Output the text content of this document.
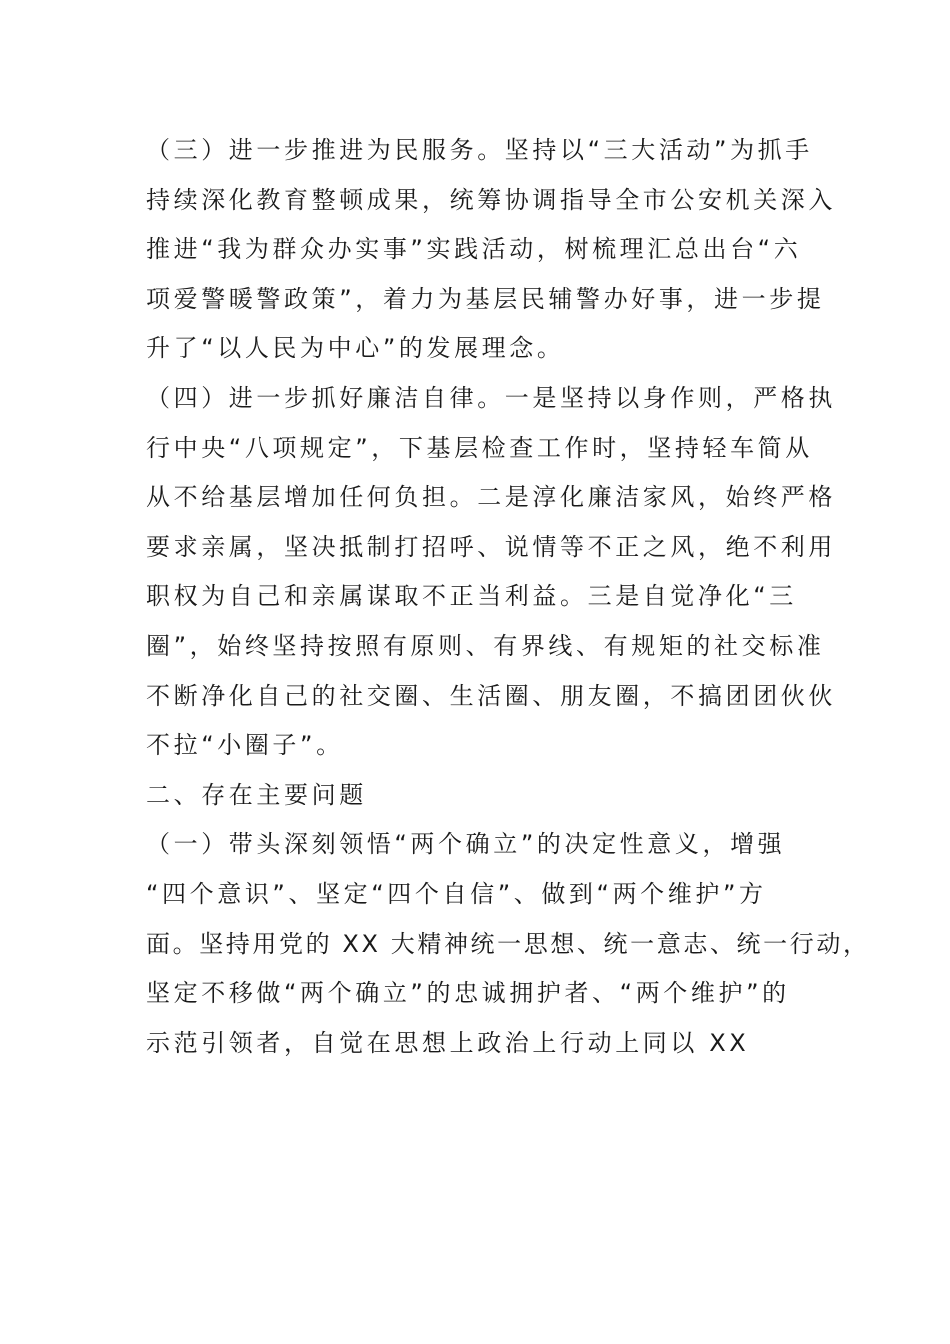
（三）进一步推进为民服务。坚持以“三大活动”为抓手
持续深化教育整顿成果，统筹协调指导全市公安机关深入
推进“我为群众办实事”实践活动，树梳理汇总出台“六
项爱警暖警政策”，着力为基层民辅警办好事，进一步提
升了“以人民为中心”的发展理念。
（四）进一步抓好廉洁自律。一是坚持以身作则，严格执
行中央“八项规定”，下基层检查工作时，坚持轻车简从
从不给基层增加任何负担。二是淳化廉洁家风，始终严格
要求亲属，坚决抵制打招呼、说情等不正之风，绝不利用
职权为自己和亲属谋取不正当利益。三是自觉净化“三
圈”，始终坚持按照有原则、有界线、有规矩的社交标准
不断净化自己的社交圈、生活圈、朋友圈，不搞团团伙伙
不拉“小圈子”。
二、存在主要问题
（一）带头深刻领悟“两个确立”的决定性意义，增强
“四个意识”、坚定“四个自信”、做到“两个维护”方
面。坚持用党的 XX 大精神统一思想、统一意志、统一行动，
坚定不移做“两个确立”的忠诚拥护者、“两个维护”的
示范引领者，自觉在思想上政治上行动上同以 XX
